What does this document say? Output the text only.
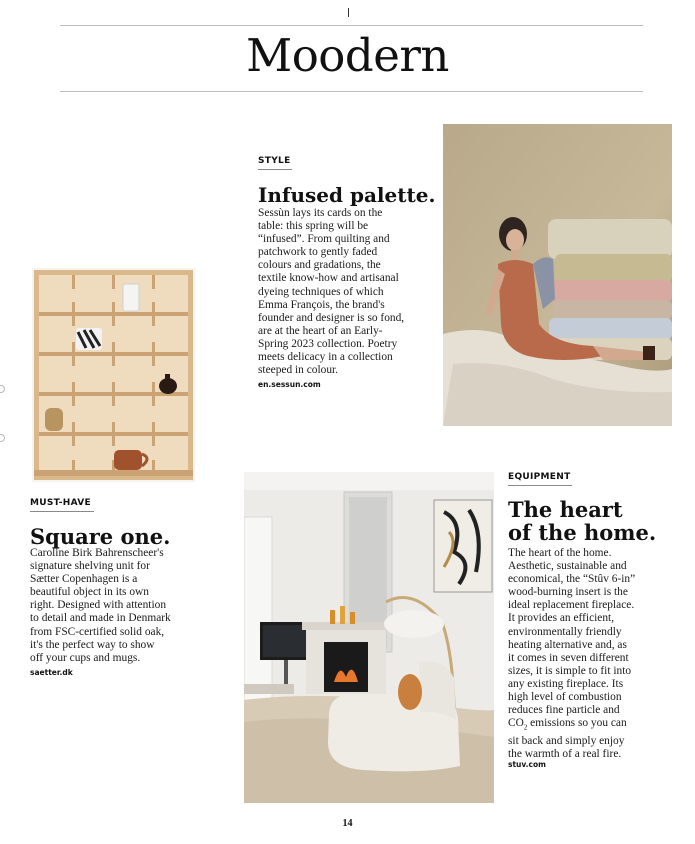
Moodern
STYLE
Infused palette.
Sessùn lays its cards on the
table: this spring will be
“infused”. From quilting and
patchwork to gently faded
colours and gradations, the
textile know-how and artisanal
dyeing techniques of which
Emma François, the brand's
founder and designer is so fond,
are at the heart of an Early-
Spring 2023 collection. Poetry
meets delicacy in a collection
steeped in colour.
en.sessun.com
MUST-HAVE
Square one.
Caroline Birk Bahrenscheer's
signature shelving unit for
Sætter Copenhagen is a
beautiful object in its own
right. Designed with attention
to detail and made in Denmark
from FSC-certified solid oak,
it's the perfect way to show
off your cups and mugs.
saetter.dk
EQUIPMENT
The heart
of the home.
The heart of the home.
Aesthetic, sustainable and
economical, the “Stûv 6-in”
wood-burning insert is the
ideal replacement fireplace.
It provides an efficient,
environmentally friendly
heating alternative and, as
it comes in seven different
sizes, it is simple to fit into
any existing fireplace. Its
high level of combustion
reduces fine particle and
$CO_2$ emissions so you can
sit back and simply enjoy
the warmth of a real fire.
stuv.com
14
